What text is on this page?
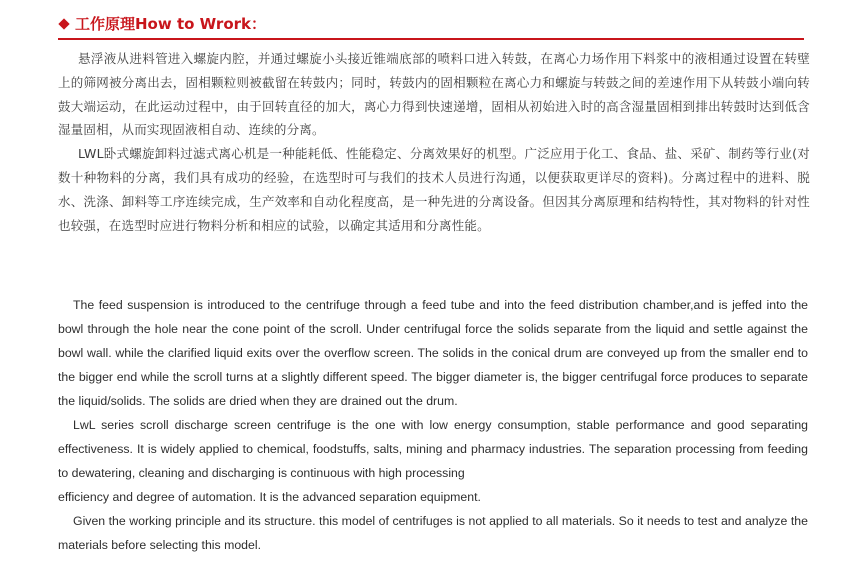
工作原理How to Wrork：

悬浮液从进料管进入螺旋内腔，并通过螺旋小头接近锥端底部的喷料口进入转鼓，在离心力场作用下料浆中的液相通过设置在转壁上的筛网被分离出去，固相颗粒则被截留在转鼓内；同时，转鼓内的固相颗粒在离心力和螺旋与转鼓之间的差速作用下从转鼓小端向转鼓大端运动，在此运动过程中，由于回转直径的加大，离心力得到快速递增，固相从初始进入时的高含湿量固相到排出转鼓时达到低含湿量固相，从而实现固液相自动、连续的分离。

LWL卧式螺旋卸料过滤式离心机是一种能耗低、性能稳定、分离效果好的机型。广泛应用于化工、食品、盐、采矿、制药等行业(对数十种物料的分离，我们具有成功的经验，在选型时可与我们的技术人员进行沟通，以便获取更详尽的资料)。分离过程中的进料、脱水、洗涤、卸料等工序连续完成，生产效率和自动化程度高，是一种先进的分离设备。但因其分离原理和结构特性，其对物料的针对性也较强，在选型时应进行物料分析和相应的试验，以确定其适用和分离性能。

The feed suspension is introduced to the centrifuge through a feed tube and into the feed distribution chamber,and is jeffed into the bowl through the hole near the cone point of the scroll. Under centrifugal force the solids separate from the liquid and settle against the bowl wall. while the clarified liquid exits over the overflow screen. The solids in the conical drum are conveyed up from the smaller end to the bigger end while the scroll turns at a slightly different speed. The bigger diameter is, the bigger centrifugal force produces to separate the liquid/solids. The solids are dried when they are drained out the drum.

LwL series scroll discharge screen centrifuge is the one with low energy consumption, stable performance and good separating effectiveness. It is widely applied to chemical, foodstuffs, salts, mining and pharmacy industries. The separation processing from feeding to dewatering, cleaning and discharging is continuous with high processing

efficiency and degree of automation. It is the advanced separation equipment.

Given the working principle and its structure. this model of centrifuges is not applied to all materials. So it needs to test and analyze the materials before selecting this model.
